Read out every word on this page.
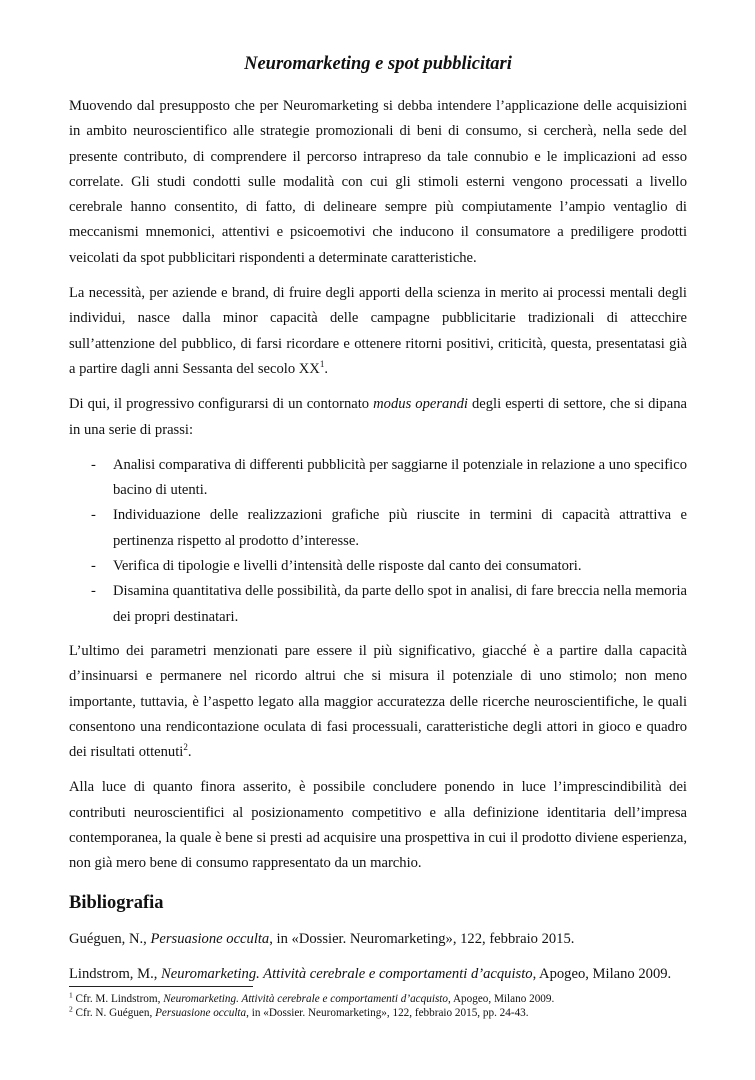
Neuromarketing e spot pubblicitari

Muovendo dal presupposto che per Neuromarketing si debba intendere l’applicazione delle acquisizioni in ambito neuroscientifico alle strategie promozionali di beni di consumo, si cercherà, nella sede del presente contributo, di comprendere il percorso intrapreso da tale connubio e le implicazioni ad esso correlate. Gli studi condotti sulle modalità con cui gli stimoli esterni vengono processati a livello cerebrale hanno consentito, di fatto, di delineare sempre più compiutamente l’ampio ventaglio di meccanismi mnemonici, attentivi e psicoemotivi che inducono il consumatore a prediligere prodotti veicolati da spot pubblicitari rispondenti a determinate caratteristiche.

La necessità, per aziende e brand, di fruire degli apporti della scienza in merito ai processi mentali degli individui, nasce dalla minor capacità delle campagne pubblicitarie tradizionali di attecchire sull’attenzione del pubblico, di farsi ricordare e ottenere ritorni positivi, criticità, questa, presentatasi già a partire dagli anni Sessanta del secolo $XX^1$.

Di qui, il progressivo configurarsi di un contornato modus operandi degli esperti di settore, che si dipana in una serie di prassi:

- Analisi comparativa di differenti pubblicità per saggiarne il potenziale in relazione a uno specifico bacino di utenti.
- Individuazione delle realizzazioni grafiche più riuscite in termini di capacità attrattiva e pertinenza rispetto al prodotto d’interesse.
- Verifica di tipologie e livelli d’intensità delle risposte dal canto dei consumatori.
- Disamina quantitativa delle possibilità, da parte dello spot in analisi, di fare breccia nella memoria dei propri destinatari.

L’ultimo dei parametri menzionati pare essere il più significativo, giacché è a partire dalla capacità d’insinuarsi e permanere nel ricordo altrui che si misura il potenziale di uno stimolo; non meno importante, tuttavia, è l’aspetto legato alla maggior accuratezza delle ricerche neuroscientifiche, le quali consentono una rendicontazione oculata di fasi processuali, caratteristiche degli attori in gioco e quadro dei risultati ottenuti$^2$.

Alla luce di quanto finora asserito, è possibile concludere ponendo in luce l’imprescindibilità dei contributi neuroscientifici al posizionamento competitivo e alla definizione identitaria dell’impresa contemporanea, la quale è bene si presti ad acquisire una prospettiva in cui il prodotto diviene esperienza, non già mero bene di consumo rappresentato da un marchio.

Bibliografia

Guéguen, N., Persuasione occulta, in «Dossier. Neuromarketing», 122, febbraio 2015.

Lindstrom, M., Neuromarketing. Attività cerebrale e comportamenti d’acquisto, Apogeo, Milano 2009.

$^1$ Cfr. M. Lindstrom, Neuromarketing. Attività cerebrale e comportamenti d’acquisto, Apogeo, Milano 2009.
$^2$ Cfr. N. Guéguen, Persuasione occulta, in «Dossier. Neuromarketing», 122, febbraio 2015, pp. 24-43.
